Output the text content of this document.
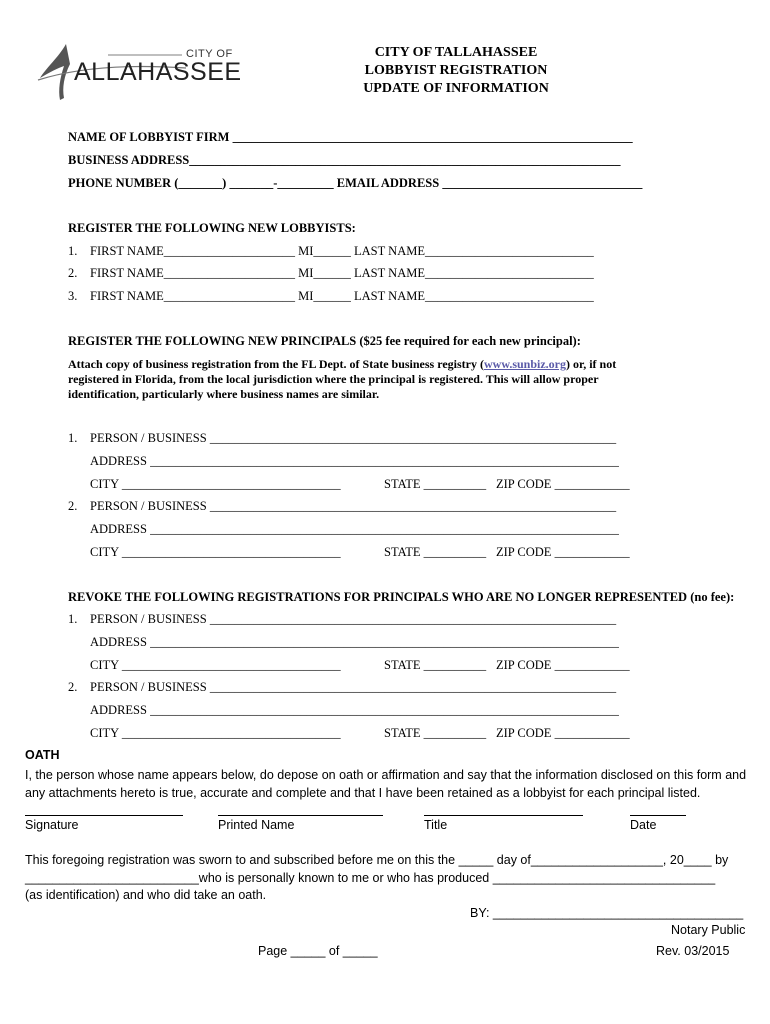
CITY OF
ALLAHASSEE
CITY OF TALLAHASSEE
LOBBYIST REGISTRATION
UPDATE OF INFORMATION
NAME OF LOBBYIST FIRM ________________________________________________________________
BUSINESS ADDRESS_____________________________________________________________________
PHONE NUMBER (_______) _______-_________ EMAIL ADDRESS ________________________________
REGISTER THE FOLLOWING NEW LOBBYISTS:
1. FIRST NAME_____________________ MI______ LAST NAME___________________________
2. FIRST NAME_____________________ MI______ LAST NAME___________________________
3. FIRST NAME_____________________ MI______ LAST NAME___________________________
REGISTER THE FOLLOWING NEW PRINCIPALS ($25 fee required for each new principal):
Attach copy of business registration from the FL Dept. of State business registry (www.sunbiz.org) or, if not registered in Florida, from the local jurisdiction where the principal is registered. This will allow proper identification, particularly where business names are similar.
1. PERSON / BUSINESS _________________________________________________________________
ADDRESS ___________________________________________________________________________
CITY ___________________________________	STATE __________ ZIP CODE ____________
2. PERSON / BUSINESS _________________________________________________________________
ADDRESS ___________________________________________________________________________
CITY ___________________________________	STATE __________ ZIP CODE ____________
REVOKE THE FOLLOWING REGISTRATIONS FOR PRINCIPALS WHO ARE NO LONGER REPRESENTED (no fee):
1. PERSON / BUSINESS _________________________________________________________________
ADDRESS ___________________________________________________________________________
CITY ___________________________________	STATE __________ ZIP CODE ____________
2. PERSON / BUSINESS _________________________________________________________________
ADDRESS ___________________________________________________________________________
CITY ___________________________________	STATE __________ ZIP CODE ____________
OATH
I, the person whose name appears below, do depose on oath or affirmation and say that the information disclosed on this form and any attachments hereto is true, accurate and complete and that I have been retained as a lobbyist for each principal listed.
Signature	Printed Name	Title	Date
This foregoing registration was sworn to and subscribed before me on this the _____ day of___________________, 20____ by
_________________________who is personally known to me or who has produced ________________________________
(as identification) and who did take an oath.
BY: ____________________________________
Notary Public
Page _____ of _____	Rev. 03/2015
